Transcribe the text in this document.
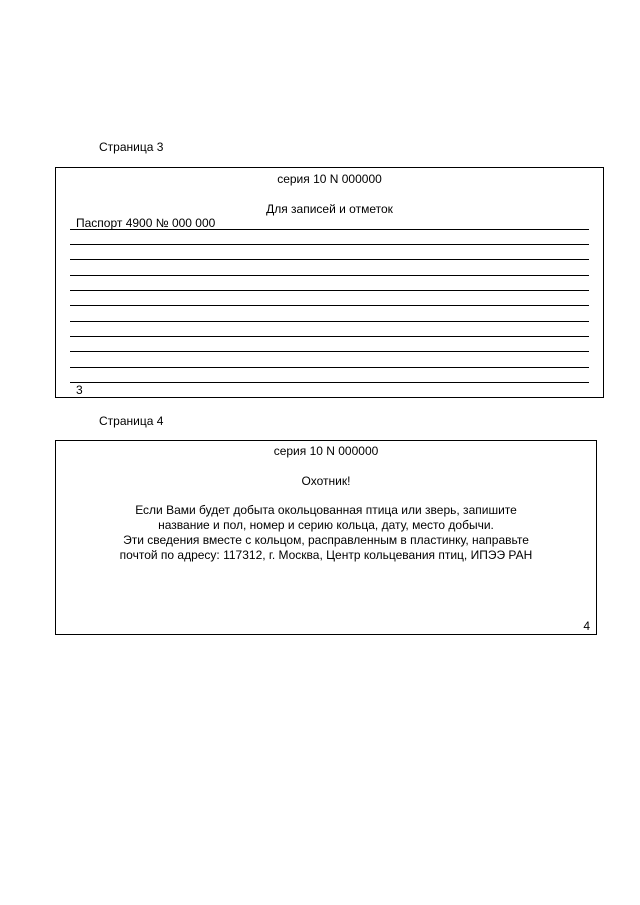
Страница 3
серия 10 N 000000
Для записей и отметок
Паспорт 4900 № 000 000
3
Страница 4
серия 10 N 000000
Охотник!
Если Вами будет добыта окольцованная птица или зверь, запишите
название и пол, номер и серию кольца, дату, место добычи.
Эти сведения вместе с кольцом, расправленным в пластинку, направьте
почтой по адресу: 117312, г. Москва, Центр кольцевания птиц, ИПЭЭ РАН
4
